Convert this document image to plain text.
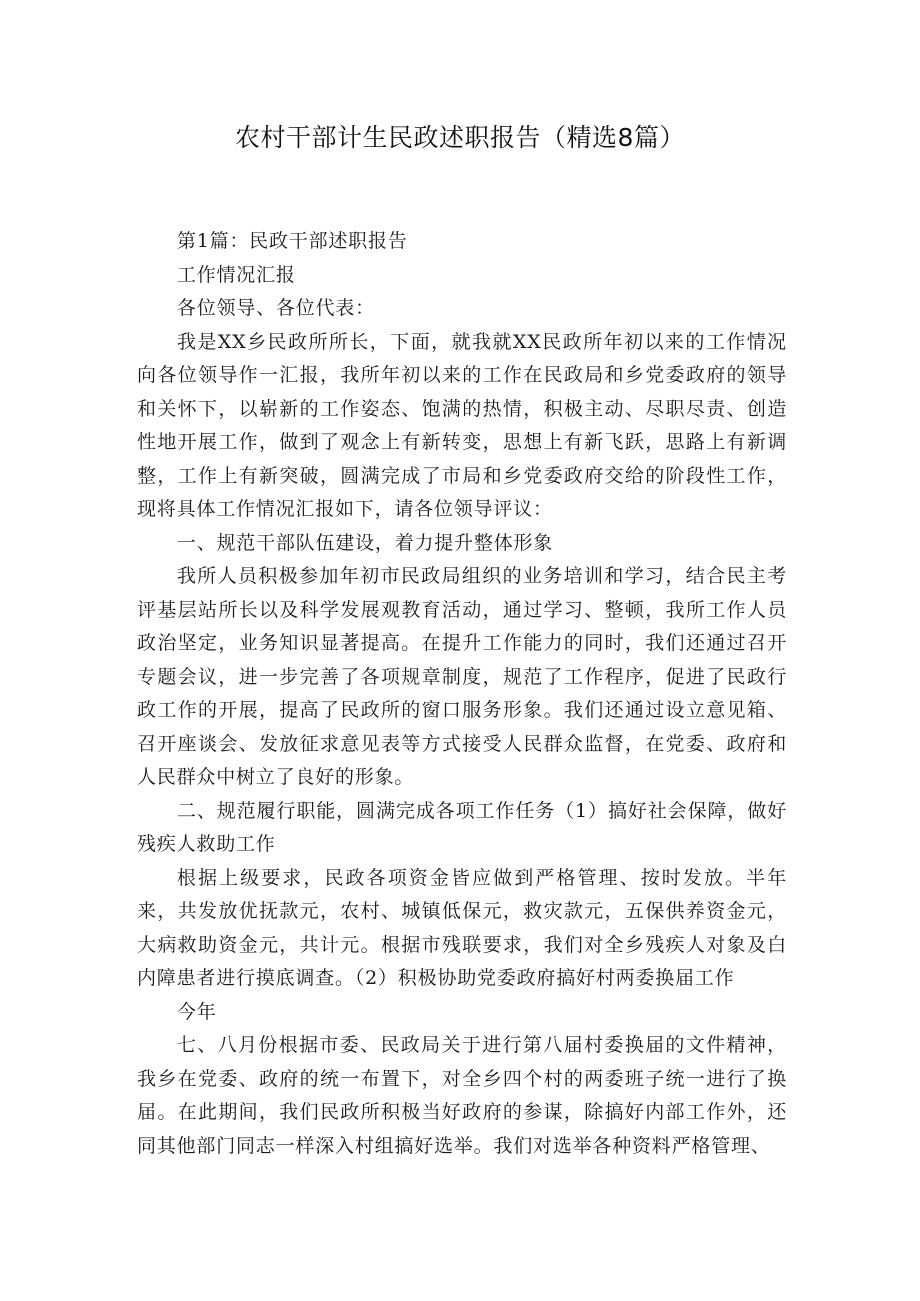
农村干部计生民政述职报告（精选8篇）

第1篇：民政干部述职报告

工作情况汇报

各位领导、各位代表：

我是XX乡民政所所长，下面，就我就XX民政所年初以来的工作情况向各位领导作一汇报，我所年初以来的工作在民政局和乡党委政府的领导和关怀下，以崭新的工作姿态、饱满的热情，积极主动、尽职尽责、创造性地开展工作，做到了观念上有新转变，思想上有新飞跃，思路上有新调整，工作上有新突破，圆满完成了市局和乡党委政府交给的阶段性工作，现将具体工作情况汇报如下，请各位领导评议：

一、规范干部队伍建设，着力提升整体形象

我所人员积极参加年初市民政局组织的业务培训和学习，结合民主考评基层站所长以及科学发展观教育活动，通过学习、整顿，我所工作人员政治坚定，业务知识显著提高。在提升工作能力的同时，我们还通过召开专题会议，进一步完善了各项规章制度，规范了工作程序，促进了民政行政工作的开展，提高了民政所的窗口服务形象。我们还通过设立意见箱、召开座谈会、发放征求意见表等方式接受人民群众监督，在党委、政府和人民群众中树立了良好的形象。

二、规范履行职能，圆满完成各项工作任务（1）搞好社会保障，做好残疾人救助工作

根据上级要求，民政各项资金皆应做到严格管理、按时发放。半年来，共发放优抚款元，农村、城镇低保元，救灾款元，五保供养资金元，大病救助资金元，共计元。根据市残联要求，我们对全乡残疾人对象及白内障患者进行摸底调查。（2）积极协助党委政府搞好村两委换届工作

今年

七、八月份根据市委、民政局关于进行第八届村委换届的文件精神，我乡在党委、政府的统一布置下，对全乡四个村的两委班子统一进行了换届。在此期间，我们民政所积极当好政府的参谋，除搞好内部工作外，还同其他部门同志一样深入村组搞好选举。我们对选举各种资料严格管理、
